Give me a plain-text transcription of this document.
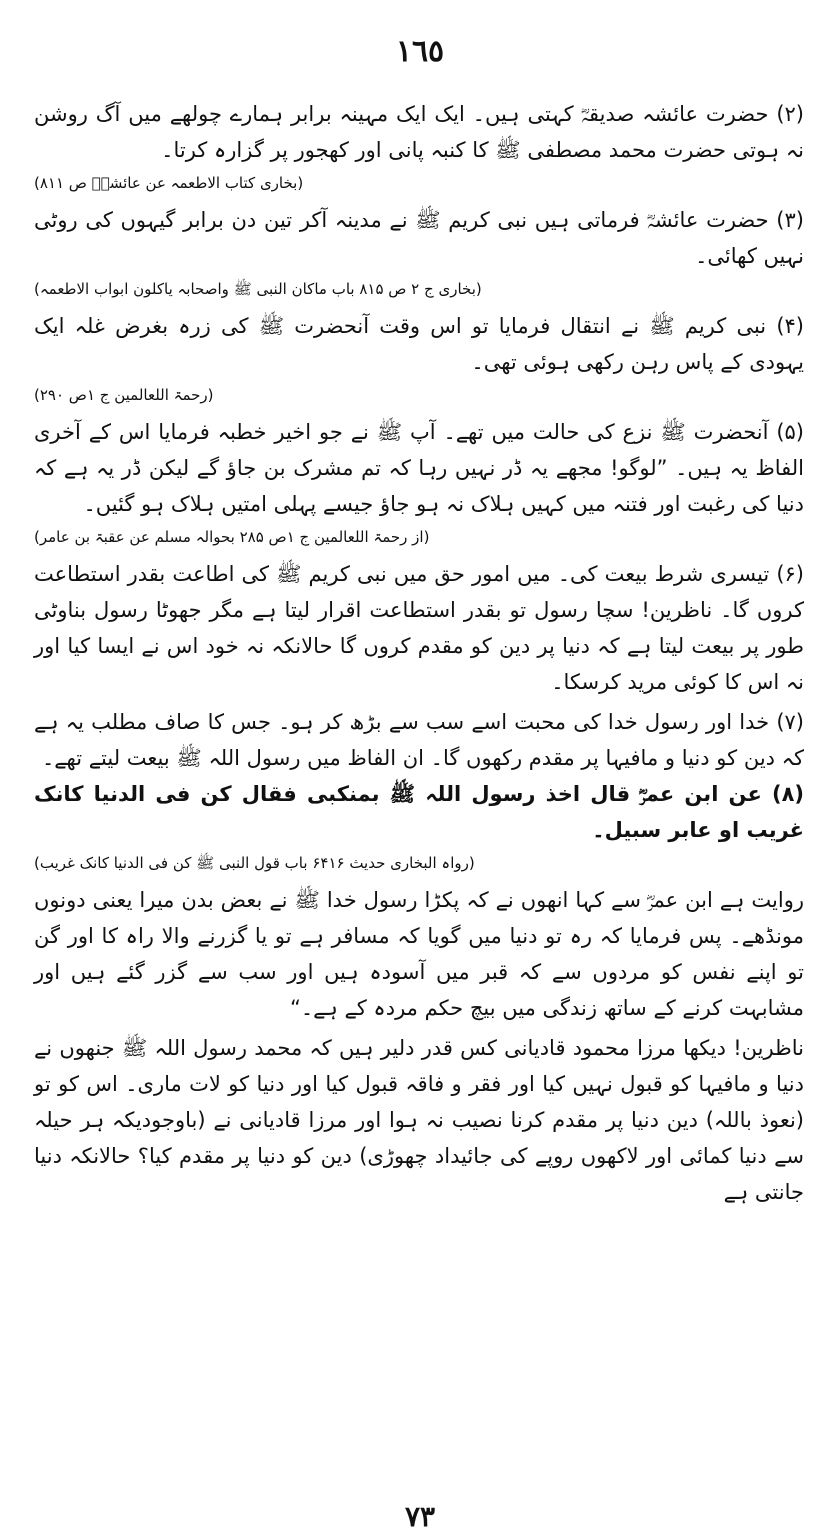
١٦٥

(۲) حضرت عائشہ صدیقہؓ کہتی ہیں۔ ایک ایک مہینہ برابر ہمارے چولھے میں آگ روشن نہ ہوتی حضرت محمد مصطفی ﷺ کا کنبہ پانی اور کھجور پر گزارہ کرتا۔

(بخاری کتاب الاطعمہ عن عائشہؓ ص ۸۱۱)

(۳) حضرت عائشہؓ فرماتی ہیں نبی کریم ﷺ نے مدینہ آکر تین دن برابر گیہوں کی روٹی نہیں کھائی۔

(بخاری ج ۲ ص ۸۱۵ باب ماکان النبی ﷺ واصحابہ یاکلون ابواب الاطعمہ)

(۴) نبی کریم ﷺ نے انتقال فرمایا تو اس وقت آنحضرت ﷺ کی زرہ بغرض غلہ ایک یہودی کے پاس رہن رکھی ہوئی تھی۔

(رحمۃ اللعالمین ج ۱ص ۲۹۰)

(۵) آنحضرت ﷺ نزع کی حالت میں تھے۔ آپ ﷺ نے جو اخیر خطبہ فرمایا اس کے آخری الفاظ یہ ہیں۔ ”لوگو! مجھے یہ ڈر نہیں رہا کہ تم مشرک بن جاؤ گے لیکن ڈر یہ ہے کہ دنیا کی رغبت اور فتنہ میں کہیں ہلاک نہ ہو جاؤ جیسے پہلی امتیں ہلاک ہو گئیں۔

(از رحمۃ اللعالمین ج ۱ص ۲۸۵ بحوالہ مسلم عن عقبۃ بن عامر)

(۶) تیسری شرط بیعت کی۔ میں امور حق میں نبی کریم ﷺ کی اطاعت بقدر استطاعت کروں گا۔ ناظرین! سچا رسول تو بقدر استطاعت اقرار لیتا ہے مگر جھوٹا رسول بناوٹی طور پر بیعت لیتا ہے کہ دنیا پر دین کو مقدم کروں گا حالانکہ نہ خود اس نے ایسا کیا اور نہ اس کا کوئی مرید کرسکا۔

(۷) خدا اور رسول خدا کی محبت اسے سب سے بڑھ کر ہو۔ جس کا صاف مطلب یہ ہے کہ دین کو دنیا و مافیہا پر مقدم رکھوں گا۔ ان الفاظ میں رسول اللہ ﷺ بیعت لیتے تھے۔

(۸) عن ابن عمرؓ قال اخذ رسول اللہ ﷺ بمنکبی فقال کن فی الدنیا کانک غریب او عابر سبیل۔

(رواہ البخاری حدیث ۶۴۱۶ باب قول النبی ﷺ کن فی الدنیا کانک غریب)

روایت ہے ابن عمرؓ سے کہا انھوں نے کہ پکڑا رسول خدا ﷺ نے بعض بدن میرا یعنی دونوں مونڈھے۔ پس فرمایا کہ رہ تو دنیا میں گویا کہ مسافر ہے تو یا گزرنے والا راہ کا اور گن تو اپنے نفس کو مردوں سے کہ قبر میں آسودہ ہیں اور سب سے گزر گئے ہیں اور مشابہت کرنے کے ساتھ زندگی میں بیچ حکم مردہ کے ہے۔“

ناظرین! دیکھا مرزا محمود قادیانی کس قدر دلیر ہیں کہ محمد رسول اللہ ﷺ جنھوں نے دنیا و مافیہا کو قبول نہیں کیا اور فقر و فاقہ قبول کیا اور دنیا کو لات ماری۔ اس کو تو (نعوذ باللہ) دین دنیا پر مقدم کرنا نصیب نہ ہوا اور مرزا قادیانی نے (باوجودیکہ ہر حیلہ سے دنیا کمائی اور لاکھوں روپے کی جائیداد چھوڑی) دین کو دنیا پر مقدم کیا؟ حالانکہ دنیا جانتی ہے

٧٣
